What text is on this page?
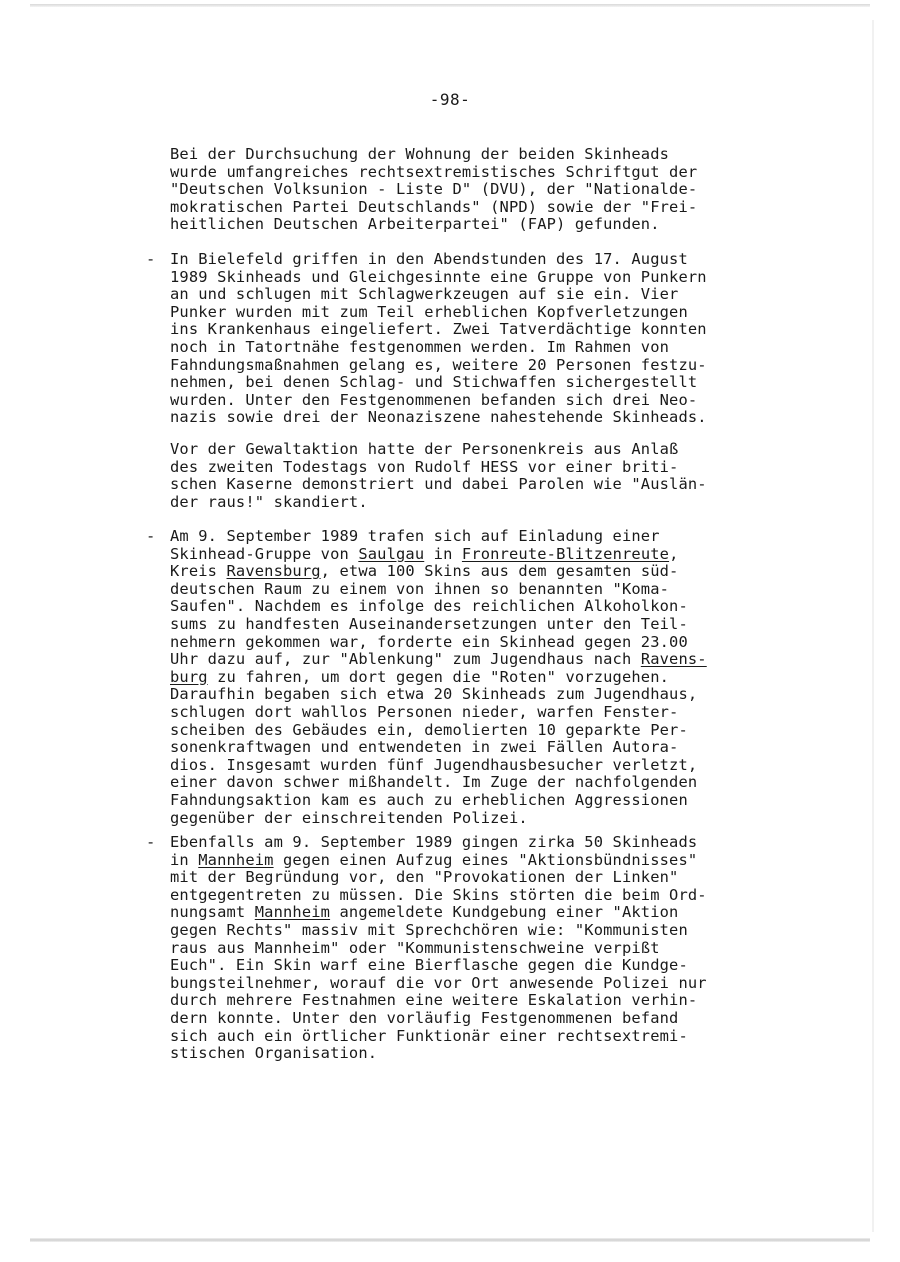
-98-
Bei der Durchsuchung der Wohnung der beiden Skinheads
wurde umfangreiches rechtsextremistisches Schriftgut der
"Deutschen Volksunion - Liste D" (DVU), der "Nationalde-
mokratischen Partei Deutschlands" (NPD) sowie der "Frei-
heitlichen Deutschen Arbeiterpartei" (FAP) gefunden.
- In Bielefeld griffen in den Abendstunden des 17. August
1989 Skinheads und Gleichgesinnte eine Gruppe von Punkern
an und schlugen mit Schlagwerkzeugen auf sie ein. Vier
Punker wurden mit zum Teil erheblichen Kopfverletzungen
ins Krankenhaus eingeliefert. Zwei Tatverdächtige konnten
noch in Tatortnähe festgenommen werden. Im Rahmen von
Fahndungsmaßnahmen gelang es, weitere 20 Personen festzu-
nehmen, bei denen Schlag- und Stichwaffen sichergestellt
wurden. Unter den Festgenommenen befanden sich drei Neo-
nazis sowie drei der Neonaziszene nahestehende Skinheads.
Vor der Gewaltaktion hatte der Personenkreis aus Anlaß
des zweiten Todestags von Rudolf HESS vor einer briti-
schen Kaserne demonstriert und dabei Parolen wie "Auslän-
der raus!" skandiert.
- Am 9. September 1989 trafen sich auf Einladung einer
Skinhead-Gruppe von Saulgau in Fronreute-Blitzenreute,
Kreis Ravensburg, etwa 100 Skins aus dem gesamten süd-
deutschen Raum zu einem von ihnen so benannten "Koma-
Saufen". Nachdem es infolge des reichlichen Alkoholkon-
sums zu handfesten Auseinandersetzungen unter den Teil-
nehmern gekommen war, forderte ein Skinhead gegen 23.00
Uhr dazu auf, zur "Ablenkung" zum Jugendhaus nach Ravens-
burg zu fahren, um dort gegen die "Roten" vorzugehen.
Daraufhin begaben sich etwa 20 Skinheads zum Jugendhaus,
schlugen dort wahllos Personen nieder, warfen Fenster-
scheiben des Gebäudes ein, demolierten 10 geparkte Per-
sonenkraftwagen und entwendeten in zwei Fällen Autora-
dios. Insgesamt wurden fünf Jugendhausbesucher verletzt,
einer davon schwer mißhandelt. Im Zuge der nachfolgenden
Fahndungsaktion kam es auch zu erheblichen Aggressionen
gegenüber der einschreitenden Polizei.
- Ebenfalls am 9. September 1989 gingen zirka 50 Skinheads
in Mannheim gegen einen Aufzug eines "Aktionsbündnisses"
mit der Begründung vor, den "Provokationen der Linken"
entgegentreten zu müssen. Die Skins störten die beim Ord-
nungsamt Mannheim angemeldete Kundgebung einer "Aktion
gegen Rechts" massiv mit Sprechchören wie: "Kommunisten
raus aus Mannheim" oder "Kommunistenschweine verpißt
Euch". Ein Skin warf eine Bierflasche gegen die Kundge-
bungsteilnehmer, worauf die vor Ort anwesende Polizei nur
durch mehrere Festnahmen eine weitere Eskalation verhin-
dern konnte. Unter den vorläufig Festgenommenen befand
sich auch ein örtlicher Funktionär einer rechtsextremi-
stischen Organisation.
